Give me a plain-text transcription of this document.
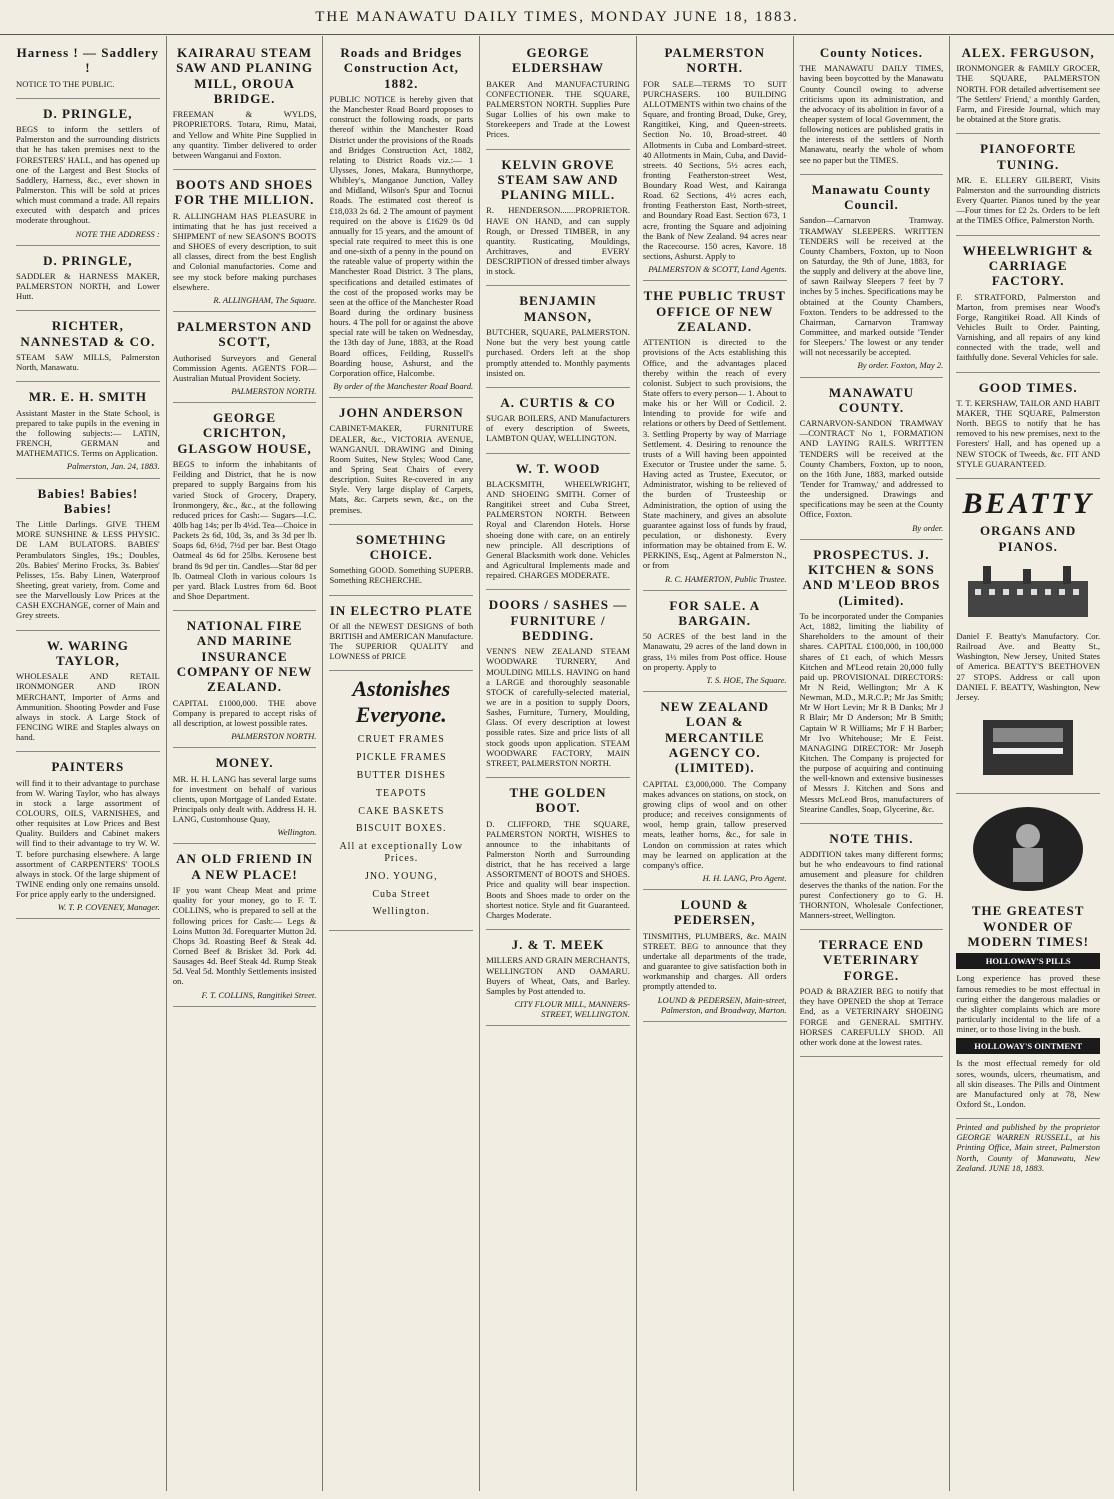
THE MANAWATU DAILY TIMES, MONDAY JUNE 18, 1883.
Harness ! — Saddlery !
NOTICE TO THE PUBLIC.
D. PRINGLE,
BEGS to inform the settlers of Palmerston and the surrounding districts that he has taken premises next to the FORESTERS' HALL, and has opened up one of the Largest and Best Stocks of Saddlery, Harness, &c., ever shown in Palmerston. This will be sold at prices which must command a trade. All repairs executed with despatch and prices moderate throughout.
NOTE THE ADDRESS :
D. PRINGLE,
SADDLER & HARNESS MAKER, PALMERSTON NORTH, and Lower Hutt.
RICHTER, NANNESTAD & CO.
STEAM SAW MILLS, Palmerston North, Manawatu.
MR. E. H. SMITH
Assistant Master in the State School, is prepared to take pupils in the evening in the following subjects:— LATIN, FRENCH, GERMAN and MATHEMATICS. Terms on Application.
Palmerston, Jan. 24, 1883.
Babies! Babies! Babies!
The Little Darlings. GIVE THEM MORE SUNSHINE & LESS PHYSIC. DE LAM BULATORS. BABIES' Perambulators Singles, 19s.; Doubles, 20s. Babies' Merino Frocks, 3s. Babies' Pelisses, 15s. Baby Linen, Waterproof Sheeting, great variety, from. Come and see the Marvellously Low Prices at the CASH EXCHANGE, corner of Main and Grey streets.
W. WARING TAYLOR,
WHOLESALE AND RETAIL IRONMONGER AND IRON MERCHANT, Importer of Arms and Ammunition. Shooting Powder and Fuse always in stock. A Large Stock of FENCING WIRE and Staples always on hand.
PAINTERS
will find it to their advantage to purchase from W. Waring Taylor, who has always in stock a large assortment of COLOURS, OILS, VARNISHES, and other requisites at Low Prices and Best Quality. Builders and Cabinet makers will find to their advantage to try W. W. T. before purchasing elsewhere. A large assortment of CARPENTERS' TOOLS always in stock. Of the large shipment of TWINE ending only one remains unsold. For price apply early to the undersigned.
W. T. P. COVENEY, Manager.
KAIRARAU STEAM SAW AND PLANING MILL, OROUA BRIDGE.
FREEMAN & WYLDS, PROPRIETORS. Totara, Rimu, Matai, and Yellow and White Pine Supplied in any quantity. Timber delivered to order between Wanganui and Foxton.
BOOTS AND SHOES FOR THE MILLION.
R. ALLINGHAM HAS PLEASURE in intimating that he has just received a SHIPMENT of new SEASON'S BOOTS and SHOES of every description, to suit all classes, direct from the best English and Colonial manufactories. Come and see my stock before making purchases elsewhere.
R. ALLINGHAM, The Square.
PALMERSTON AND SCOTT,
Authorised Surveyors and General Commission Agents. AGENTS FOR—Australian Mutual Provident Society.
PALMERSTON NORTH.
GEORGE CRICHTON, GLASGOW HOUSE,
BEGS to inform the inhabitants of Feilding and District, that he is now prepared to supply Bargains from his varied Stock of Grocery, Drapery, Ironmongery, &c., &c., at the following reduced prices for Cash:— Sugars—I.C. 40lb bag 14s; per lb 4½d. Tea—Choice in Packets 2s 6d, 10d, 3s, and 3s 3d per lb. Soaps 6d, 6½d, 7½d per bar. Best Otago Oatmeal 4s 6d for 25lbs. Kerosene best brand 8s 9d per tin. Candles—Star 8d per lb. Oatmeal Cloth in various colours 1s per yard. Black Lustres from 6d. Boot and Shoe Department.
NATIONAL FIRE AND MARINE INSURANCE COMPANY OF NEW ZEALAND.
CAPITAL £1000,000. THE above Company is prepared to accept risks of all description, at lowest possible rates.
PALMERSTON NORTH.
MONEY.
MR. H. H. LANG has several large sums for investment on behalf of various clients, upon Mortgage of Landed Estate. Principals only dealt with. Address H. H. LANG, Customhouse Quay,
Wellington.
AN OLD FRIEND IN A NEW PLACE!
IF you want Cheap Meat and prime quality for your money, go to F. T. COLLINS, who is prepared to sell at the following prices for Cash:— Legs & Loins Mutton 3d. Forequarter Mutton 2d. Chops 3d. Roasting Beef & Steak 4d. Corned Beef & Brisket 3d. Pork 4d. Sausages 4d. Beef Steak 4d. Rump Steak 5d. Veal 5d. Monthly Settlements insisted on.
F. T. COLLINS, Rangitikei Street.
Roads and Bridges Construction Act, 1882.
PUBLIC NOTICE is hereby given that the Manchester Road Board proposes to construct the following roads, or parts thereof within the Manchester Road District under the provisions of the Roads and Bridges Construction Act, 1882, relating to District Roads viz.:— 1 Ulysses, Jones, Makara, Bunnythorpe, Whibley's, Manganoe Junction, Valley and Midland, Wilson's Spur and Tocnui Roads. The estimated cost thereof is £18,033 2s 6d. 2 The amount of payment required on the above is £1629 0s 0d annually for 15 years, and the amount of special rate required to meet this is one and one-sixth of a penny in the pound on the rateable value of property within the Manchester Road District. 3 The plans, specifications and detailed estimates of the cost of the proposed works may be seen at the office of the Manchester Road Board during the ordinary business hours. 4 The poll for or against the above special rate will be taken on Wednesday, the 13th day of June, 1883, at the Road Board offices, Feilding, Russell's Boarding house, Ashurst, and the Corporation office, Halcombe.
By order of the Manchester Road Board.
JOHN ANDERSON
CABINET-MAKER, FURNITURE DEALER, &c., VICTORIA AVENUE, WANGANUI. DRAWING and Dining Room Suites, New Styles; Wood Cane, and Spring Seat Chairs of every description. Suites Re-covered in any Style. Very large display of Carpets, Mats, &c. Carpets sewn, &c., on the premises.
SOMETHING CHOICE.
Something GOOD. Something SUPERB. Something RECHERCHE.
IN ELECTRO PLATE
Of all the NEWEST DESIGNS of both BRITISH and AMERICAN Manufacture. The SUPERIOR QUALITY and LOWNESS of PRICE
Astonishes Everyone.
CRUET FRAMES
PICKLE FRAMES
BUTTER DISHES
TEAPOTS
CAKE BASKETS
BISCUIT BOXES.
All at exceptionally Low Prices.
JNO. YOUNG,
Cuba Street
Wellington.
GEORGE ELDERSHAW
BAKER And MANUFACTURING CONFECTIONER. THE SQUARE, PALMERSTON NORTH. Supplies Pure Sugar Lollies of his own make to Storekeepers and Trade at the Lowest Prices.
KELVIN GROVE STEAM SAW AND PLANING MILL.
R. HENDERSON.......PROPRIETOR. HAVE ON HAND, and can supply Rough, or Dressed TIMBER, in any quantity. Rusticating, Mouldings, Architraves, and EVERY DESCRIPTION of dressed timber always in stock.
BENJAMIN MANSON,
BUTCHER, SQUARE, PALMERSTON. None but the very best young cattle purchased. Orders left at the shop promptly attended to. Monthly payments insisted on.
A. CURTIS & CO
SUGAR BOILERS, AND Manufacturers of every description of Sweets, LAMBTON QUAY, WELLINGTON.
W. T. WOOD
BLACKSMITH, WHEELWRIGHT, AND SHOEING SMITH. Corner of Rangitikei street and Cuba Street, PALMERSTON NORTH. Between Royal and Clarendon Hotels. Horse shoeing done with care, on an entirely new principle. All descriptions of General Blacksmith work done. Vehicles and Agricultural Implements made and repaired. CHARGES MODERATE.
DOORS / SASHES — FURNITURE / BEDDING.
VENN'S NEW ZEALAND STEAM WOODWARE TURNERY, And MOULDING MILLS. HAVING on hand a LARGE and thoroughly seasonable STOCK of carefully-selected material, we are in a position to supply Doors, Sashes, Furniture, Turnery, Moulding, Glass. Of every description at lowest possible rates. Size and price lists of all stock goods upon application. STEAM WOODWARE FACTORY, MAIN STREET, PALMERSTON NORTH.
THE GOLDEN BOOT.
D. CLIFFORD, THE SQUARE, PALMERSTON NORTH, WISHES to announce to the inhabitants of Palmerston North and Surrounding district, that he has received a large ASSORTMENT of BOOTS and SHOES. Price and quality will bear inspection. Boots and Shoes made to order on the shortest notice. Style and fit Guaranteed. Charges Moderate.
J. & T. MEEK
MILLERS AND GRAIN MERCHANTS, WELLINGTON AND OAMARU. Buyers of Wheat, Oats, and Barley. Samples by Post attended to.
CITY FLOUR MILL, MANNERS-STREET, WELLINGTON.
PALMERSTON NORTH.
FOR SALE—TERMS TO SUIT PURCHASERS. 100 BUILDING ALLOTMENTS within two chains of the Square, and fronting Broad, Duke, Grey, Rangitikei, King, and Queen-streets. Section No. 10, Broad-street. 40 Allotments in Cuba and Lombard-street. 40 Allotments in Main, Cuba, and David-streets. 40 Sections, 5½ acres each, fronting Featherston-street West, Boundary Road West, and Kairanga Road. 62 Sections, 4½ acres each, fronting Featherston East, North-street, and Boundary Road East. Section 673, 1 acre, fronting the Square and adjoining the Bank of New Zealand. 94 acres near the Racecourse. 150 acres, Kavore. 18 sections, Ashurst. Apply to
PALMERSTON & SCOTT, Land Agents.
THE PUBLIC TRUST OFFICE OF NEW ZEALAND.
ATTENTION is directed to the provisions of the Acts establishing this Office, and the advantages placed thereby within the reach of every colonist. Subject to such provisions, the State offers to every person— 1. About to make his or her Will or Codicil. 2. Intending to provide for wife and relations or others by Deed of Settlement. 3. Settling Property by way of Marriage Settlement. 4. Desiring to renounce the trusts of a Will having been appointed Executor or Trustee under the same. 5. Having acted as Trustee, Executor, or Administrator, wishing to be relieved of the burden of Trusteeship or Administration, the option of using the State machinery, and gives an absolute guarantee against loss of funds by fraud, peculation, or dishonesty. Every information may be obtained from E. W. PERKINS, Esq., Agent at Palmerston N., or from
R. C. HAMERTON, Public Trustee.
FOR SALE. A BARGAIN.
50 ACRES of the best land in the Manawatu, 29 acres of the land down in grass, 1½ miles from Post office. House on property. Apply to
T. S. HOE, The Square.
NEW ZEALAND LOAN & MERCANTILE AGENCY CO. (LIMITED).
CAPITAL £3,000,000. The Company makes advances on stations, on stock, on growing clips of wool and on other produce; and receives consignments of wool, hemp grain, tallow preserved meats, leather horns, &c., for sale in London on commission at rates which may be learned on application at the company's office.
H. H. LANG, Pro Agent.
LOUND & PEDERSEN,
TINSMITHS, PLUMBERS, &c. MAIN STREET. BEG to announce that they undertake all departments of the trade, and guarantee to give satisfaction both in workmanship and charges. All orders promptly attended to.
LOUND & PEDERSEN, Main-street, Palmerston, and Broadway, Marton.
County Notices.
THE MANAWATU DAILY TIMES, having been boycotted by the Manawatu County Council owing to adverse criticisms upon its administration, and the advocacy of its abolition in favor of a cheaper system of local Government, the following notices are published gratis in the interests of the settlers of North Manawatu, nearly the whole of whom see no paper but the TIMES.
Manawatu County Council.
Sandon—Carnarvon Tramway. TRAMWAY SLEEPERS. WRITTEN TENDERS will be received at the County Chambers, Foxton, up to Noon on Saturday, the 9th of June, 1883, for the supply and delivery at the above line, of sawn Railway Sleepers 7 feet by 7 inches by 5 inches. Specifications may be obtained at the County Chambers, Foxton. Tenders to be addressed to the Chairman, Carnarvon Tramway Committee, and marked outside 'Tender for Sleepers.' The lowest or any tender will not necessarily be accepted.
By order. Foxton, May 2.
MANAWATU COUNTY.
CARNARVON-SANDON TRAMWAY—CONTRACT No 1, FORMATION AND LAYING RAILS. WRITTEN TENDERS will be received at the County Chambers, Foxton, up to noon, on the 16th June, 1883, marked outside 'Tender for Tramway,' and addressed to the undersigned. Drawings and specifications may be seen at the County Office, Foxton.
By order.
PROSPECTUS. J. KITCHEN & SONS AND M'LEOD BROS (Limited).
To be incorporated under the Companies Act, 1882, limiting the liability of Shareholders to the amount of their shares. CAPITAL £100,000, in 100,000 shares of £1 each, of which Messrs Kitchen and M'Leod retain 20,000 fully paid up. PROVISIONAL DIRECTORS: Mr N Reid, Wellington; Mr A K Newman, M.D., M.R.C.P.; Mr Jas Smith; Mr W Hort Levin; Mr R B Danks; Mr J R Blair; Mr D Anderson; Mr B Smith; Captain W R Williams; Mr F H Barber; Mr Ivo Whitehouse; Mr E Feist. MANAGING DIRECTOR: Mr Joseph Kitchen. The Company is projected for the purpose of acquiring and continuing the well-known and extensive businesses of Messrs J. Kitchen and Sons and Messrs McLeod Bros, manufacturers of Stearine Candles, Soap, Glycerine, &c.
NOTE THIS.
ADDITION takes many different forms; but he who endeavours to find rational amusement and pleasure for children deserves the thanks of the nation. For the purest Confectionery go to G. H. THORNTON, Wholesale Confectioner, Manners-street, Wellington.
TERRACE END VETERINARY FORGE.
POAD & BRAZIER BEG to notify that they have OPENED the shop at Terrace End, as a VETERINARY SHOEING FORGE and GENERAL SMITHY. HORSES CAREFULLY SHOD. All other work done at the lowest rates.
ALEX. FERGUSON,
IRONMONGER & FAMILY GROCER, THE SQUARE, PALMERSTON NORTH. FOR detailed advertisement see 'The Settlers' Friend,' a monthly Garden, Farm, and Fireside Journal, which may be obtained at the Store gratis.
PIANOFORTE TUNING.
MR. E. ELLERY GILBERT, Visits Palmerston and the surrounding districts Every Quarter. Pianos tuned by the year—Four times for £2 2s. Orders to be left at the TIMES Office, Palmerston North.
WHEELWRIGHT & CARRIAGE FACTORY.
F. STRATFORD, Palmerston and Marton, from premises near Wood's Forge, Rangitikei Road. All Kinds of Vehicles Built to Order. Painting, Varnishing, and all repairs of any kind connected with the trade, well and faithfully done. Several Vehicles for sale.
GOOD TIMES.
T. T. KERSHAW, TAILOR AND HABIT MAKER, THE SQUARE, Palmerston North. BEGS to notify that he has removed to his new premises, next to the Foresters' Hall, and has opened up a NEW STOCK of Tweeds, &c. FIT AND STYLE GUARANTEED.
BEATTY
ORGANS AND PIANOS.
Daniel F. Beatty's Manufactory. Cor. Railroad Ave. and Beatty St., Washington, New Jersey, United States of America. BEATTY'S BEETHOVEN 27 STOPS. Address or call upon DANIEL F. BEATTY, Washington, New Jersey.
THE GREATEST WONDER OF MODERN TIMES!
HOLLOWAY'S PILLS
Long experience has proved these famous remedies to be most effectual in curing either the dangerous maladies or the slighter complaints which are more particularly incidental to the life of a miner, or to those living in the bush.
HOLLOWAY'S OINTMENT
Is the most effectual remedy for old sores, wounds, ulcers, rheumatism, and all skin diseases. The Pills and Ointment are Manufactured only at 78, New Oxford St., London.
Printed and published by the proprietor GEORGE WARREN RUSSELL, at his Printing Office, Main street, Palmerston North, County of Manawatu, New Zealand. JUNE 18, 1883.
